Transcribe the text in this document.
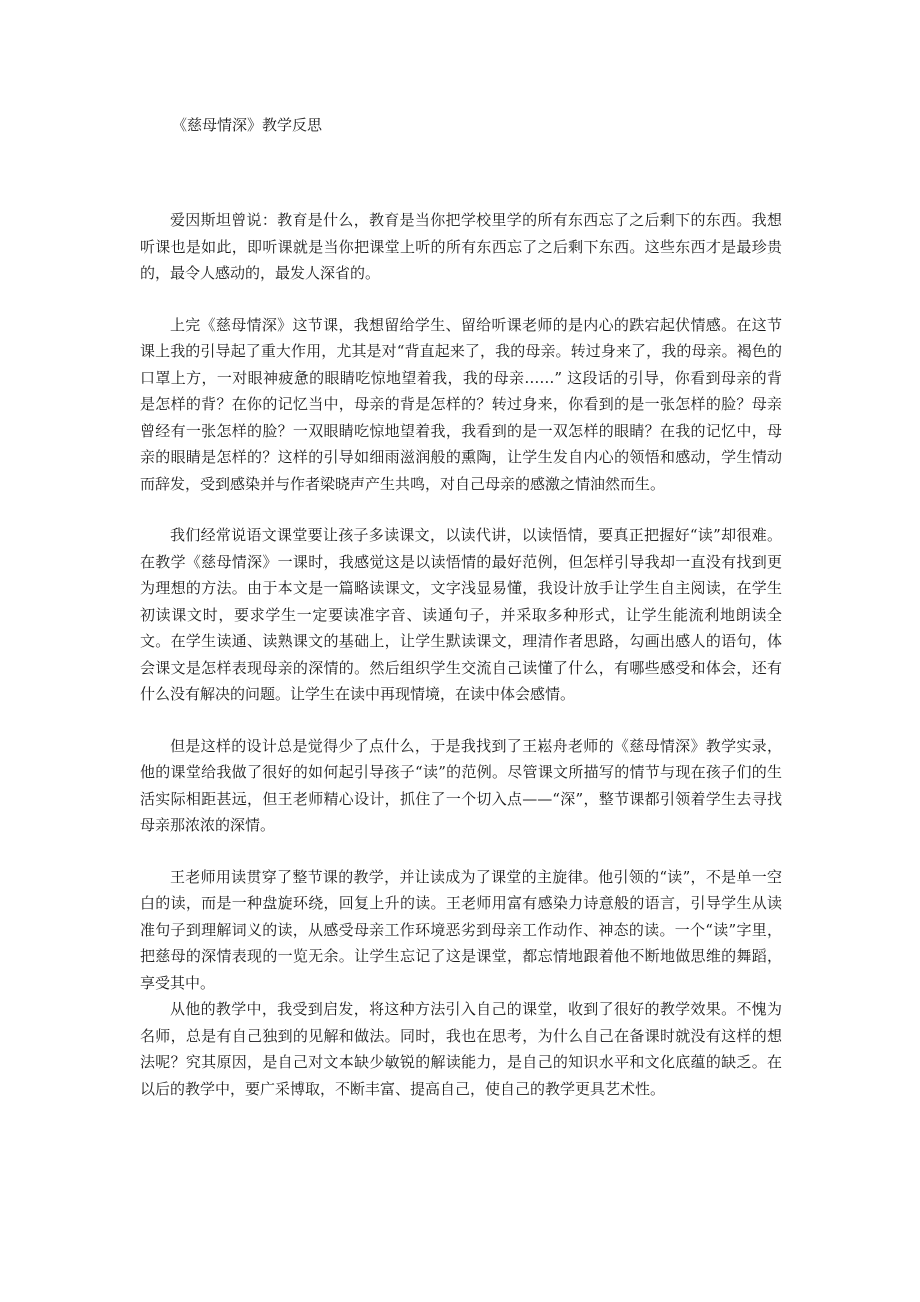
《慈母情深》教学反思

爱因斯坦曾说：教育是什么，教育是当你把学校里学的所有东西忘了之后剩下的东西。我想听课也是如此，即听课就是当你把课堂上听的所有东西忘了之后剩下东西。这些东西才是最珍贵的，最令人感动的，最发人深省的。

上完《慈母情深》这节课，我想留给学生、留给听课老师的是内心的跌宕起伏情感。在这节课上我的引导起了重大作用，尤其是对“背直起来了，我的母亲。转过身来了，我的母亲。褐色的口罩上方，一对眼神疲惫的眼睛吃惊地望着我，我的母亲……” 这段话的引导，你看到母亲的背是怎样的背？在你的记忆当中，母亲的背是怎样的？转过身来，你看到的是一张怎样的脸？母亲曾经有一张怎样的脸？一双眼睛吃惊地望着我，我看到的是一双怎样的眼睛？在我的记忆中，母亲的眼睛是怎样的？这样的引导如细雨滋润般的熏陶，让学生发自内心的领悟和感动，学生情动而辞发，受到感染并与作者梁晓声产生共鸣，对自己母亲的感激之情油然而生。

我们经常说语文课堂要让孩子多读课文，以读代讲，以读悟情，要真正把握好“读”却很难。在教学《慈母情深》一课时，我感觉这是以读悟情的最好范例，但怎样引导我却一直没有找到更为理想的方法。由于本文是一篇略读课文，文字浅显易懂，我设计放手让学生自主阅读，在学生初读课文时，要求学生一定要读准字音、读通句子，并采取多种形式，让学生能流利地朗读全文。在学生读通、读熟课文的基础上，让学生默读课文，理清作者思路，勾画出感人的语句，体会课文是怎样表现母亲的深情的。然后组织学生交流自己读懂了什么，有哪些感受和体会，还有什么没有解决的问题。让学生在读中再现情境，在读中体会感情。

但是这样的设计总是觉得少了点什么，于是我找到了王崧舟老师的《慈母情深》教学实录，他的课堂给我做了很好的如何起引导孩子“读”的范例。尽管课文所描写的情节与现在孩子们的生活实际相距甚远，但王老师精心设计，抓住了一个切入点——“深”，整节课都引领着学生去寻找母亲那浓浓的深情。

王老师用读贯穿了整节课的教学，并让读成为了课堂的主旋律。他引领的“读”，不是单一空白的读，而是一种盘旋环绕，回复上升的读。王老师用富有感染力诗意般的语言，引导学生从读准句子到理解词义的读，从感受母亲工作环境恶劣到母亲工作动作、神态的读。一个“读”字里，把慈母的深情表现的一览无余。让学生忘记了这是课堂，都忘情地跟着他不断地做思维的舞蹈，享受其中。

从他的教学中，我受到启发，将这种方法引入自己的课堂，收到了很好的教学效果。不愧为名师，总是有自己独到的见解和做法。同时，我也在思考，为什么自己在备课时就没有这样的想法呢？究其原因，是自己对文本缺少敏锐的解读能力，是自己的知识水平和文化底蕴的缺乏。在以后的教学中，要广采博取，不断丰富、提高自己，使自己的教学更具艺术性。
